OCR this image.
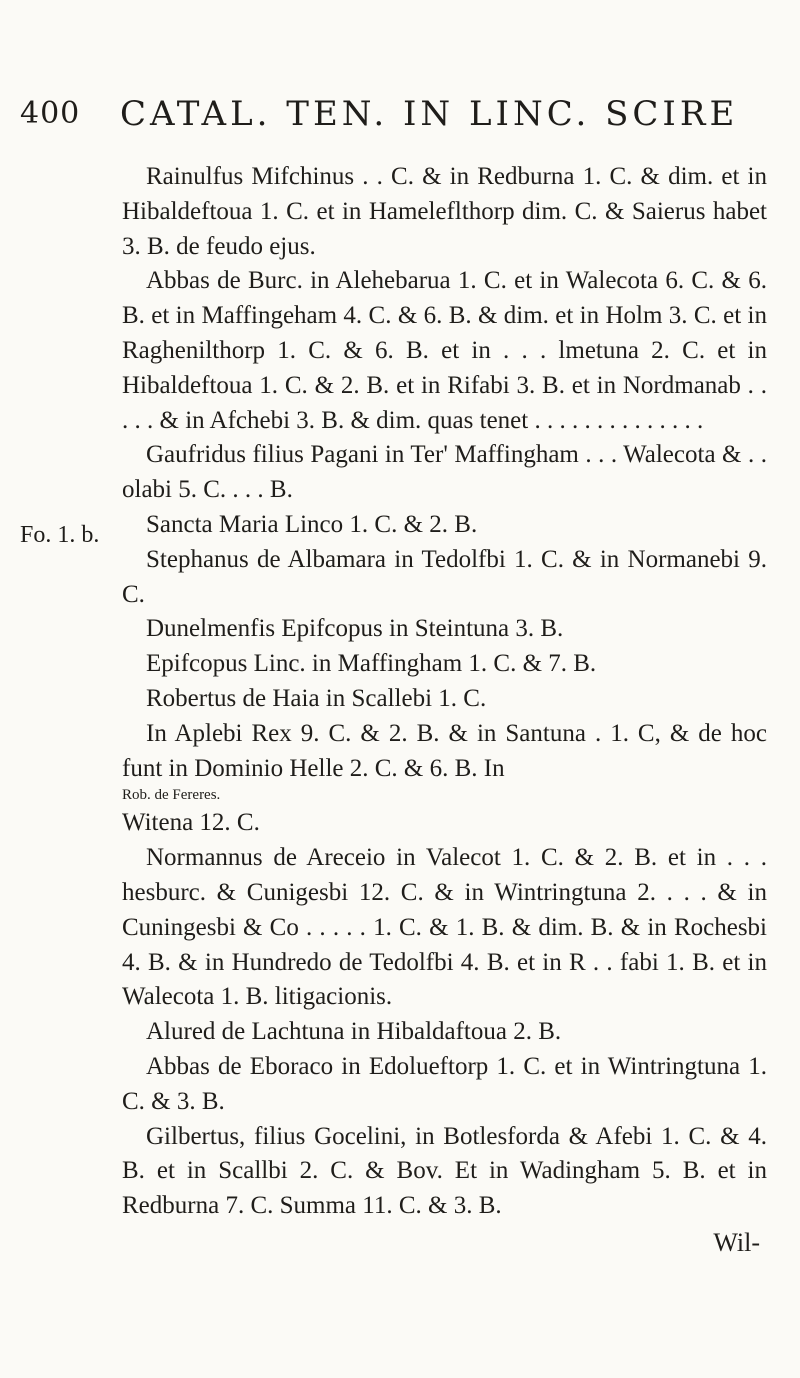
400 CATAL. TEN. IN LINC. SCIRE
Fo. 1. b.

Rainulfus Mifchinus . . C. & in Redburna 1. C. & dim. et in Hibaldeftoua 1. C. et in Hameleflthorp dim. C. & Saierus habet 3. B. de feudo ejus.

Abbas de Burc. in Alehebarua 1. C. et in Walecota 6. C. & 6. B. et in Maffingeham 4. C. & 6. B. & dim. et in Holm 3. C. et in Raghenilthorp 1. C. & 6. B. et in . . . lmetuna 2. C. et in Hibaldeftoua 1. C. & 2. B. et in Rifabi 3. B. et in Nordmanab . . . . . & in Afchebi 3. B. & dim. quas tenet . . . . . . . . . . . . . .

Gaufridus filius Pagani in Ter' Maffingham . . . Walecota & . . olabi 5. C. . . . B.

Sancta Maria Linco 1. C. & 2. B.

Stephanus de Albamara in Tedolfbi 1. C. & in Normanebi 9. C.

Dunelmenfis Epifcopus in Steintuna 3. B.

Epifcopus Linc. in Maffingham 1. C. & 7. B.

Robertus de Haia in Scallebi 1. C.

In Aplebi Rex 9. C. & 2. B. & in Santuna . 1. C, & de hoc funt in Dominio Helle 2. C. & 6. B. In

Rob. de Fereres.

Witena 12. C.

Normannus de Areceio in Valecot 1. C. & 2. B. et in . . . hesburc. & Cunigesbi 12. C. & in Wintringtuna 2. . . . & in Cuningesbi & Co . . . . . 1. C. & 1. B. & dim. B. & in Rochesbi 4. B. & in Hundredo de Tedolfbi 4. B. et in R . . fabi 1. B. et in Walecota 1. B. litigacionis.

Alured de Lachtuna in Hibaldaftoua 2. B.

Abbas de Eboraco in Edolueftorp 1. C. et in Wintringtuna 1. C. & 3. B.

Gilbertus, filius Gocelini, in Botlesforda & Afebi 1. C. & 4. B. et in Scallbi 2. C. & Bov. Et in Wadingham 5. B. et in Redburna 7. C. Summa 11. C. & 3. B.

Wil-
